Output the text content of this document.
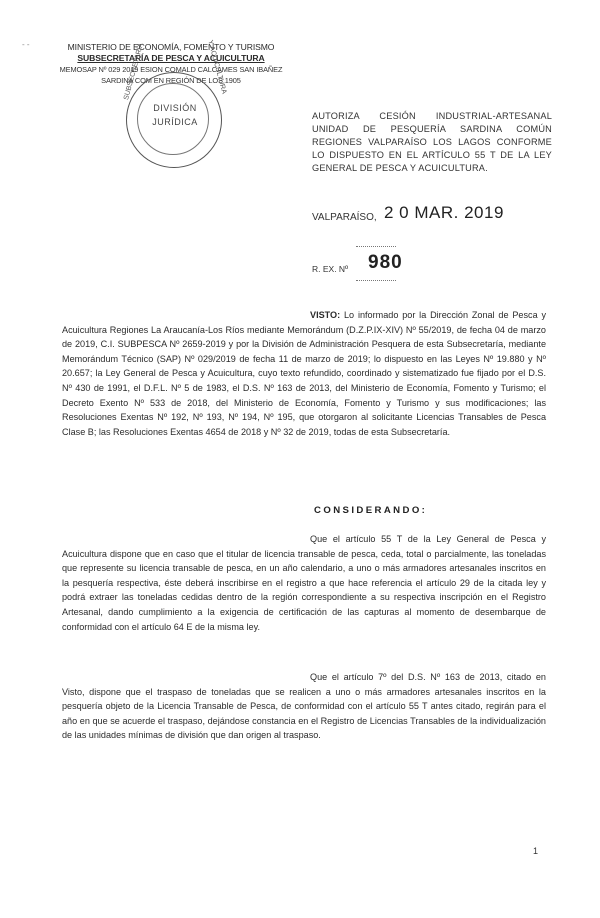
- -	MINISTERIO DE ECONOMÍA, FOMENTO Y TURISMO
SUBSECRETARÍA DE PESCA Y ACUICULTURA
MEMOSAP Nº 029 2019 ESION COMALD CALCAMES SAN IBAÑEZ
SARDINA COM EN REGIÓN DE LOS 1905
SUBSECRETARÍA	Y ACUICULTURA
DIVISIÓN
JURÍDICA
AUTORIZA CESIÓN INDUSTRIAL-ARTESANAL UNIDAD DE PESQUERÍA SARDINA COMÚN REGIONES VALPARAÍSO LOS LAGOS CONFORME LO DISPUESTO EN EL ARTÍCULO 55 T DE LA LEY GENERAL DE PESCA Y ACUICULTURA.
VALPARAÍSO, 2 0 MAR. 2019
R. EX. Nº 980
VISTO: Lo informado por la Dirección Zonal de Pesca y Acuicultura Regiones La Araucanía-Los Ríos mediante Memorándum (D.Z.P.IX-XIV) Nº 55/2019, de fecha 04 de marzo de 2019, C.I. SUBPESCA Nº 2659-2019 y por la División de Administración Pesquera de esta Subsecretaría, mediante Memorándum Técnico (SAP) Nº 029/2019 de fecha 11 de marzo de 2019; lo dispuesto en las Leyes Nº 19.880 y Nº 20.657; la Ley General de Pesca y Acuicultura, cuyo texto refundido, coordinado y sistematizado fue fijado por el D.S. Nº 430 de 1991, el D.F.L. Nº 5 de 1983, el D.S. Nº 163 de 2013, del Ministerio de Economía, Fomento y Turismo; el Decreto Exento Nº 533 de 2018, del Ministerio de Economía, Fomento y Turismo y sus modificaciones; las Resoluciones Exentas Nº 192, Nº 193, Nº 194, Nº 195, que otorgaron al solicitante Licencias Transables de Pesca Clase B; las Resoluciones Exentas 4654 de 2018 y Nº 32 de 2019, todas de esta Subsecretaría.
CONSIDERANDO:
Que el artículo 55 T de la Ley General de Pesca y Acuicultura dispone que en caso que el titular de licencia transable de pesca, ceda, total o parcialmente, las toneladas que represente su licencia transable de pesca, en un año calendario, a uno o más armadores artesanales inscritos en la pesquería respectiva, éste deberá inscribirse en el registro a que hace referencia el artículo 29 de la citada ley y podrá extraer las toneladas cedidas dentro de la región correspondiente a su respectiva inscripción en el Registro Artesanal, dando cumplimiento a la exigencia de certificación de las capturas al momento de desembarque de conformidad con el artículo 64 E de la misma ley.
Que el artículo 7º del D.S. Nº 163 de 2013, citado en Visto, dispone que el traspaso de toneladas que se realicen a uno o más armadores artesanales inscritos en la pesquería objeto de la Licencia Transable de Pesca, de conformidad con el artículo 55 T antes citado, regirán para el año en que se acuerde el traspaso, dejándose constancia en el Registro de Licencias Transables de la individualización de las unidades mínimas de división que dan origen al traspaso.
1
